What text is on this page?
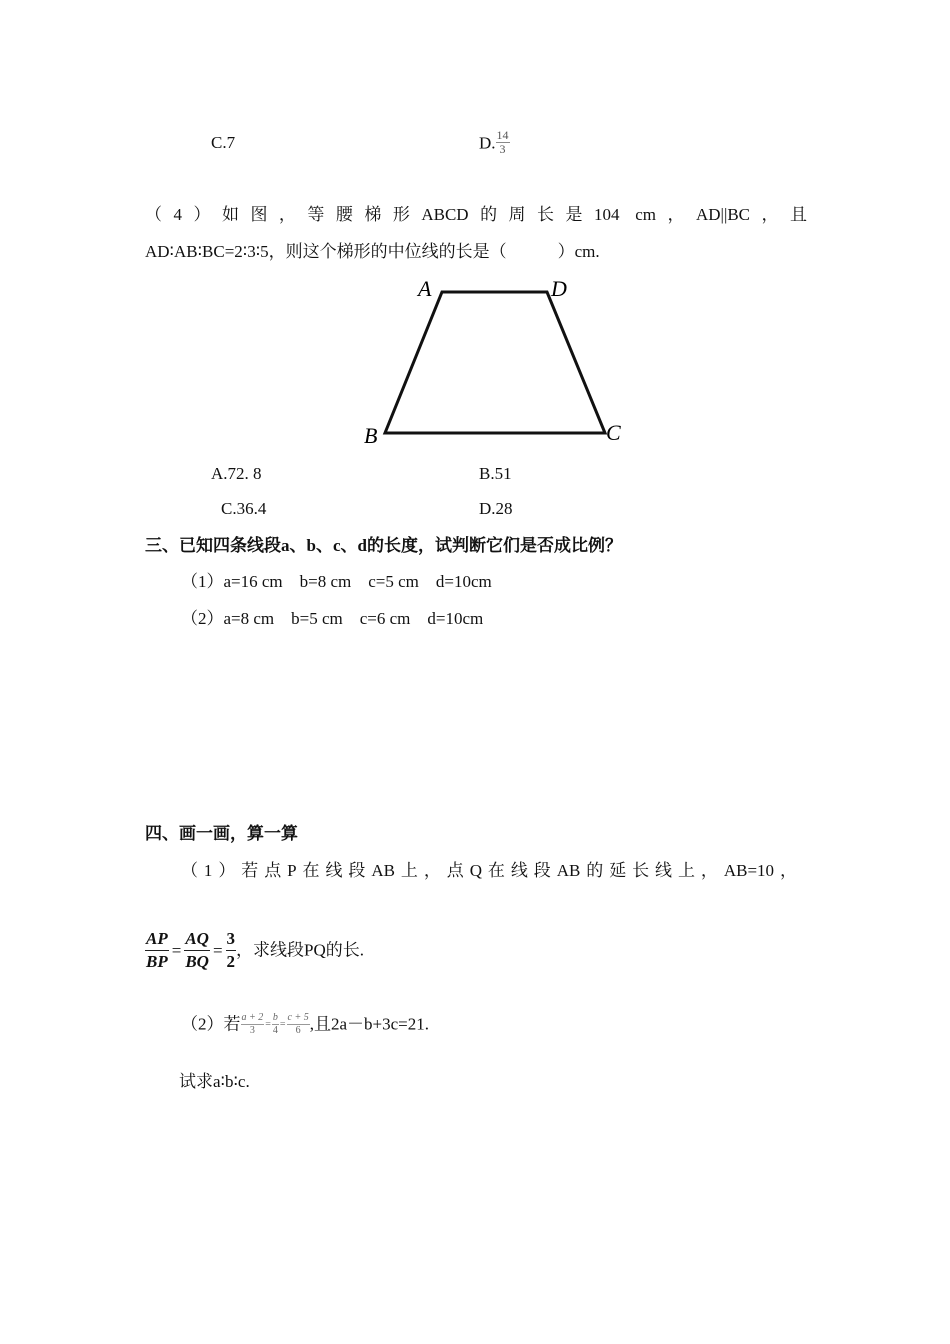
C.7	D. $\frac{14}{3}$
（4）如图，等腰梯形ABCD的周长是104 cm，AD||BC，且
AD∶AB∶BC=2∶3∶5，则这个梯形的中位线的长是（　　　）cm.
A	D
B	C
A.72. 8	B.51
C.36.4	D.28
三、已知四条线段a、b、c、d的长度，试判断它们是否成比例？
（1）a=16 cm　b=8 cm　c=5 cm　d=10cm
（2）a=8 cm　b=5 cm　c=6 cm　d=10cm
四、画一画，算一算
（1）若点P在线段AB上，点Q在线段AB的延长线上，AB=10，
$\frac{AP}{BP} = \frac{AQ}{BQ} = \frac{3}{2}$ ，求线段PQ的长.
（2）若 $\frac{a + 2}{3} = \frac{b}{4} = \frac{c + 5}{6}$ ,且2a－b+3c=21.
试求a∶b∶c.
